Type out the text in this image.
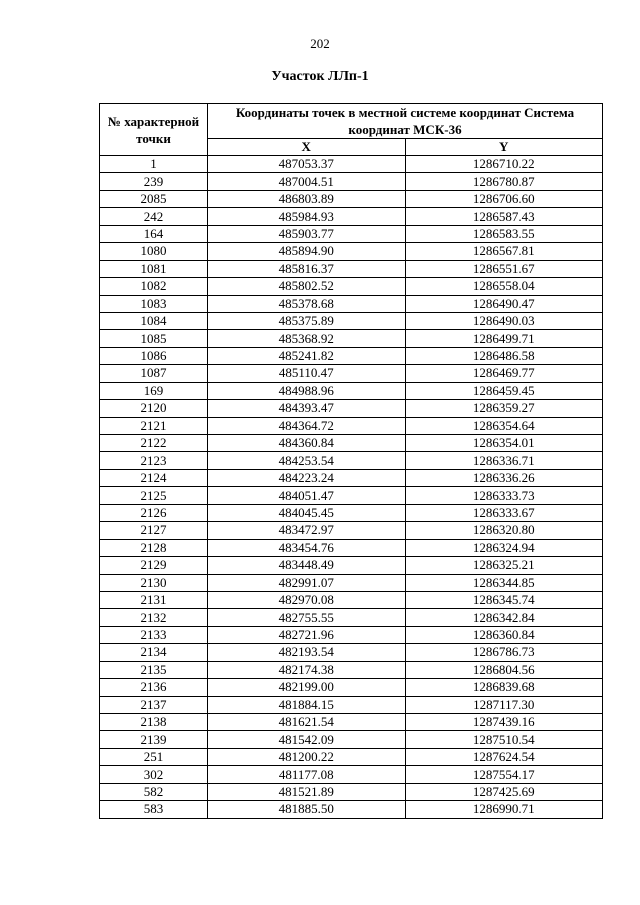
202
Участок ЛЛп-1
№ характерной точки	Координаты точек в местной системе координат Система координат МСК-36	
	X	Y
1	487053.37	1286710.22
239	487004.51	1286780.87
2085	486803.89	1286706.60
242	485984.93	1286587.43
164	485903.77	1286583.55
1080	485894.90	1286567.81
1081	485816.37	1286551.67
1082	485802.52	1286558.04
1083	485378.68	1286490.47
1084	485375.89	1286490.03
1085	485368.92	1286499.71
1086	485241.82	1286486.58
1087	485110.47	1286469.77
169	484988.96	1286459.45
2120	484393.47	1286359.27
2121	484364.72	1286354.64
2122	484360.84	1286354.01
2123	484253.54	1286336.71
2124	484223.24	1286336.26
2125	484051.47	1286333.73
2126	484045.45	1286333.67
2127	483472.97	1286320.80
2128	483454.76	1286324.94
2129	483448.49	1286325.21
2130	482991.07	1286344.85
2131	482970.08	1286345.74
2132	482755.55	1286342.84
2133	482721.96	1286360.84
2134	482193.54	1286786.73
2135	482174.38	1286804.56
2136	482199.00	1286839.68
2137	481884.15	1287117.30
2138	481621.54	1287439.16
2139	481542.09	1287510.54
251	481200.22	1287624.54
302	481177.08	1287554.17
582	481521.89	1287425.69
583	481885.50	1286990.71
